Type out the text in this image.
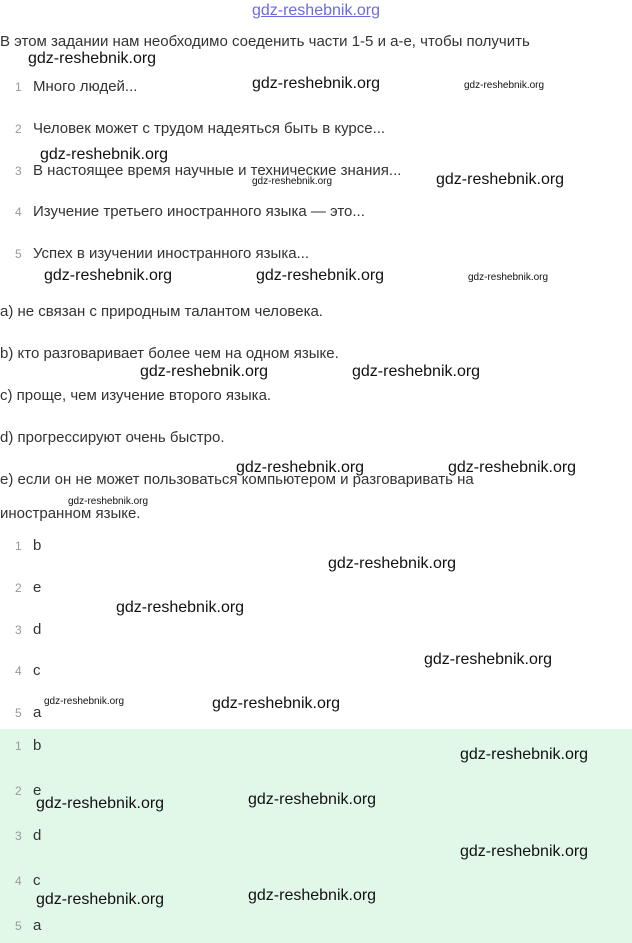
gdz-reshebnik.org
В этом задании нам необходимо соеденить части 1-5 и а-е, чтобы получить
1 Много людей...
2 Человек может с трудом надеяться быть в курсе...
3 В настоящее время научные и технические знания...
4 Изучение третьего иностранного языка — это...
5 Успех в изучении иностранного языка...
a) не связан с природным талантом человека.
b) кто разговаривает более чем на одном языке.
c) проще, чем изучение второго языка.
d) прогрессируют очень быстро.
e) если он не может пользоваться компьютером и разговаривать на
иностранном языке.
1 b
2 e
3 d
4 c
5 a
1 b
2 e
3 d
4 c
5 a
gdz-reshebnik.org
gdz-reshebnik.org	gdz-reshebnik.org
gdz-reshebnik.org
gdz-reshebnik.org	gdz-reshebnik.org
gdz-reshebnik.org	gdz-reshebnik.org	gdz-reshebnik.org
gdz-reshebnik.org	gdz-reshebnik.org
gdz-reshebnik.org	gdz-reshebnik.org
gdz-reshebnik.org
gdz-reshebnik.org
gdz-reshebnik.org
gdz-reshebnik.org
gdz-reshebnik.org	gdz-reshebnik.org
gdz-reshebnik.org
gdz-reshebnik.org	gdz-reshebnik.org
gdz-reshebnik.org
gdz-reshebnik.org	gdz-reshebnik.org
